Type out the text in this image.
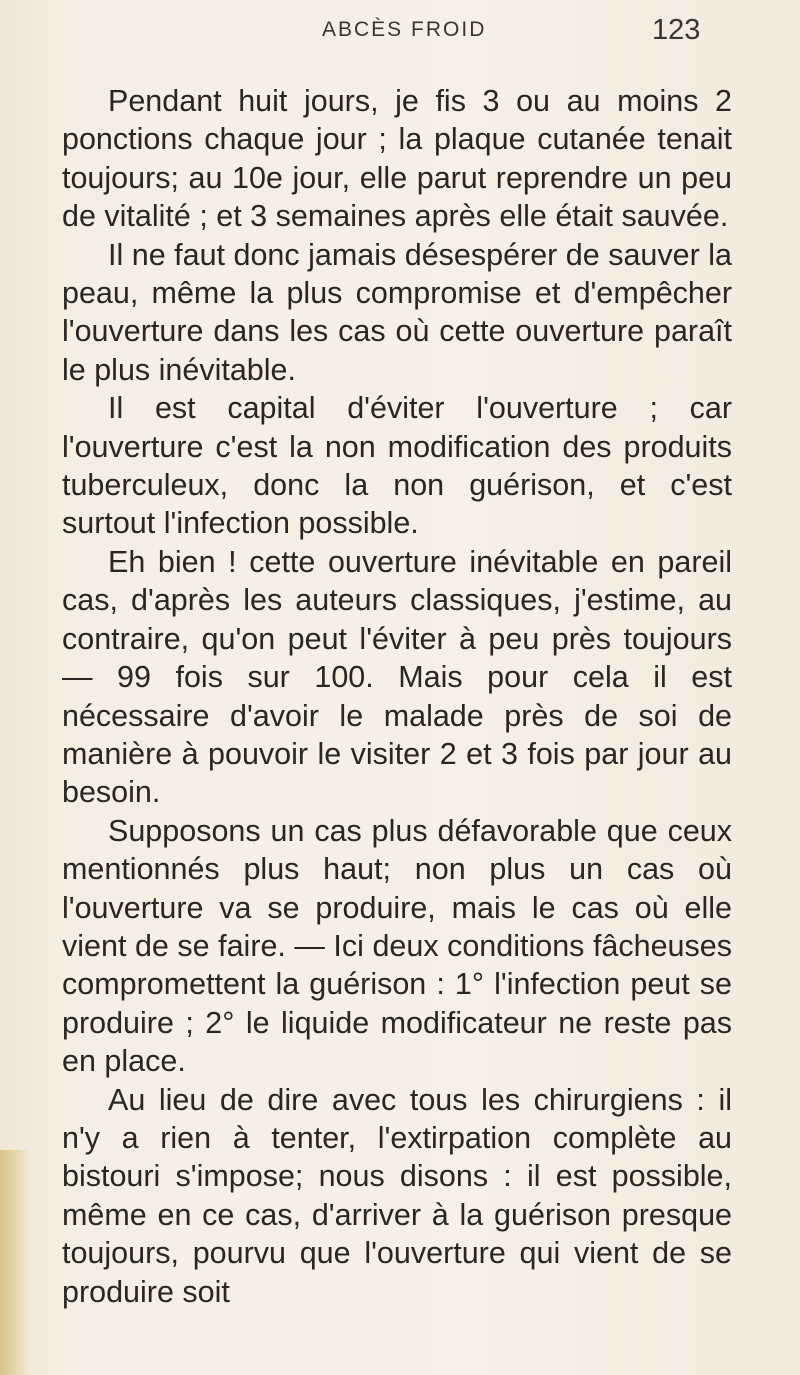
ABCÈS FROID	123

Pendant huit jours, je fis 3 ou au moins 2 ponctions chaque jour ; la plaque cutanée tenait toujours; au 10e jour, elle parut reprendre un peu de vitalité ; et 3 semaines après elle était sauvée.

Il ne faut donc jamais désespérer de sauver la peau, même la plus compromise et d'empêcher l'ouverture dans les cas où cette ouverture paraît le plus inévitable.

Il est capital d'éviter l'ouverture ; car l'ouverture c'est la non modification des produits tuberculeux, donc la non guérison, et c'est surtout l'infection possible.

Eh bien ! cette ouverture inévitable en pareil cas, d'après les auteurs classiques, j'estime, au contraire, qu'on peut l'éviter à peu près toujours — 99 fois sur 100. Mais pour cela il est nécessaire d'avoir le malade près de soi de manière à pouvoir le visiter 2 et 3 fois par jour au besoin.

Supposons un cas plus défavorable que ceux mentionnés plus haut; non plus un cas où l'ouverture va se produire, mais le cas où elle vient de se faire. — Ici deux conditions fâcheuses compromettent la guérison : 1° l'infection peut se produire ; 2° le liquide modificateur ne reste pas en place.

Au lieu de dire avec tous les chirurgiens : il n'y a rien à tenter, l'extirpation complète au bistouri s'impose; nous disons : il est possible, même en ce cas, d'arriver à la guérison presque toujours, pourvu que l'ouverture qui vient de se produire soit
